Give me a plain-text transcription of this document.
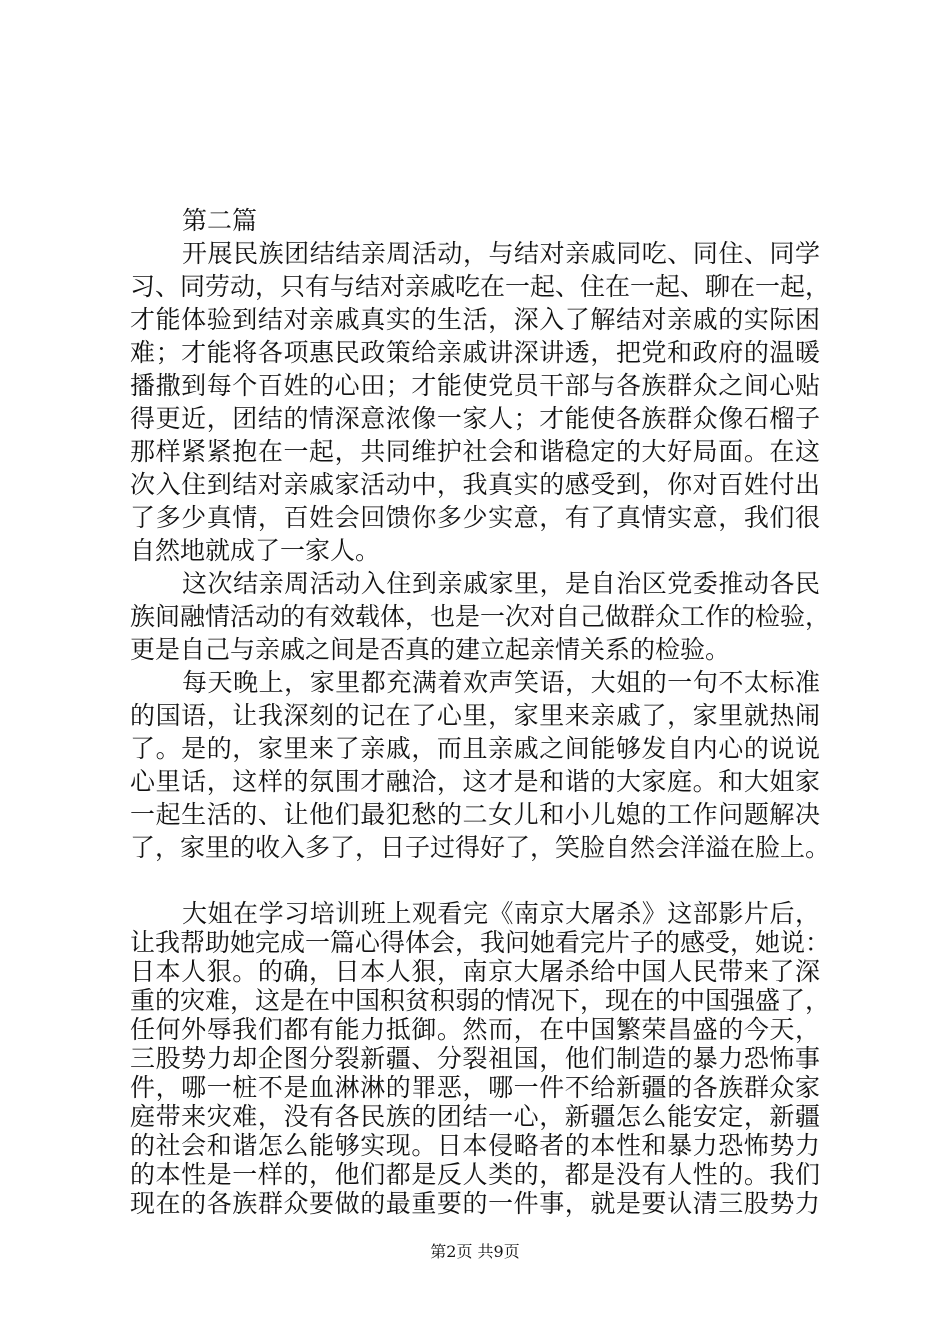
第二篇
开展民族团结结亲周活动，与结对亲戚同吃、同住、同学
习、同劳动，只有与结对亲戚吃在一起、住在一起、聊在一起，
才能体验到结对亲戚真实的生活，深入了解结对亲戚的实际困
难；才能将各项惠民政策给亲戚讲深讲透，把党和政府的温暖
播撒到每个百姓的心田；才能使党员干部与各族群众之间心贴
得更近，团结的情深意浓像一家人；才能使各族群众像石榴子
那样紧紧抱在一起，共同维护社会和谐稳定的大好局面。在这
次入住到结对亲戚家活动中，我真实的感受到，你对百姓付出
了多少真情，百姓会回馈你多少实意，有了真情实意，我们很
自然地就成了一家人。
这次结亲周活动入住到亲戚家里，是自治区党委推动各民
族间融情活动的有效载体，也是一次对自己做群众工作的检验，
更是自己与亲戚之间是否真的建立起亲情关系的检验。
每天晚上，家里都充满着欢声笑语，大姐的一句不太标准
的国语，让我深刻的记在了心里，家里来亲戚了，家里就热闹
了。是的，家里来了亲戚，而且亲戚之间能够发自内心的说说
心里话，这样的氛围才融洽，这才是和谐的大家庭。和大姐家
一起生活的、让他们最犯愁的二女儿和小儿媳的工作问题解决
了，家里的收入多了，日子过得好了，笑脸自然会洋溢在脸上。
大姐在学习培训班上观看完《南京大屠杀》这部影片后，
让我帮助她完成一篇心得体会，我问她看完片子的感受，她说：
日本人狠。的确，日本人狠，南京大屠杀给中国人民带来了深
重的灾难，这是在中国积贫积弱的情况下，现在的中国强盛了，
任何外辱我们都有能力抵御。然而，在中国繁荣昌盛的今天，
三股势力却企图分裂新疆、分裂祖国，他们制造的暴力恐怖事
件，哪一桩不是血淋淋的罪恶，哪一件不给新疆的各族群众家
庭带来灾难，没有各民族的团结一心，新疆怎么能安定，新疆
的社会和谐怎么能够实现。日本侵略者的本性和暴力恐怖势力
的本性是一样的，他们都是反人类的，都是没有人性的。我们
现在的各族群众要做的最重要的一件事，就是要认清三股势力
第2页 共9页
